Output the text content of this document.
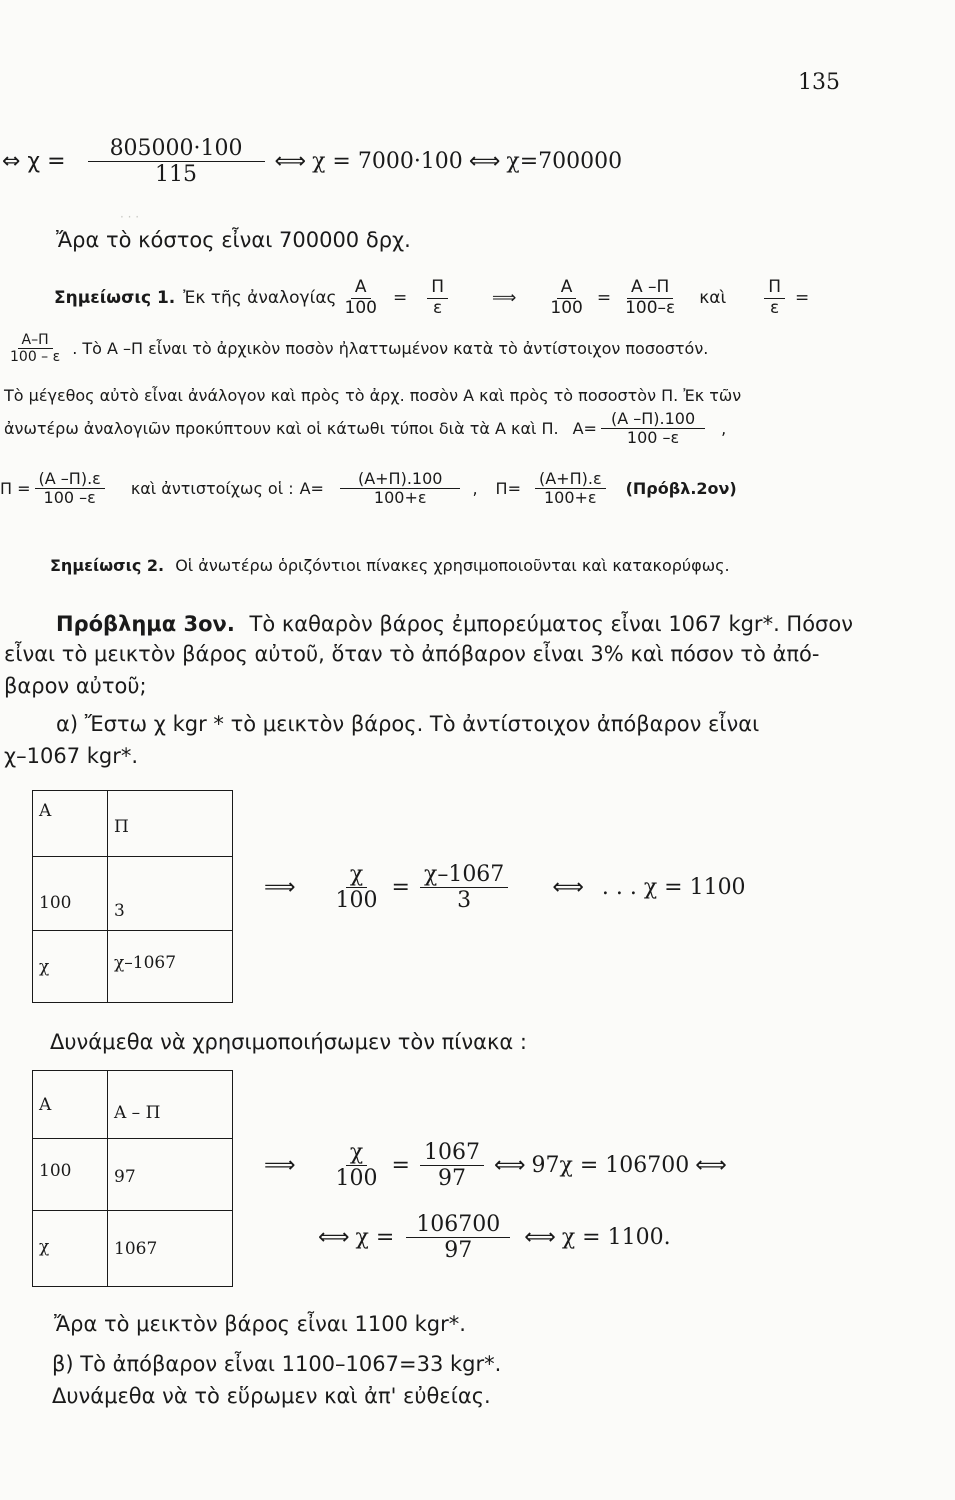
· · ·
135
⇔ $\chi = \frac{805000\cdot 100}{115}$ ⟺ χ = 7000·100 ⟺ χ=700000
Ἄρα τὸ κόστος εἶναι 700000 δρχ.
Σημείωσις 1. Ἐκ τῆς ἀναλογίας $\frac{A}{100} = \frac{\Pi}{\varepsilon}$	⟹ $\frac{A}{100} = \frac{A -\Pi}{100-\varepsilon}$ καὶ $\frac{\Pi}{\varepsilon}$ =
$\frac{A-\Pi}{100 - \varepsilon}$ . Τὸ A –Π εἶναι τὸ ἀρχικὸν ποσὸν ἠλαττωμένον κατὰ τὸ ἀντίστοιχον ποσοστόν.
Τὸ μέγεθος αὐτὸ εἶναι ἀνάλογον καὶ πρὸς τὸ ἀρχ. ποσὸν A καὶ πρὸς τὸ ποσοστὸν Π. Ἐκ τῶν
ἀνωτέρω ἀναλογιῶν προκύπτουν καὶ οἱ κάτωθι τύποι διὰ τὰ A καὶ Π. $A= \frac{(A -\Pi).100}{100 -\varepsilon}$ ,
$\Pi = \frac{(A -\Pi).\varepsilon}{100 -\varepsilon}$ καὶ ἀντιστοίχως οἱ : $A= \frac{(A+\Pi).100}{100+\varepsilon}$ , $\Pi= \frac{(A+\Pi).\varepsilon}{100+\varepsilon} (\Pi\rho ό\beta\lambda.2o\nu)$
Σημείωσις 2. Οἱ ἀνωτέρω ὁριζόντιοι πίνακες χρησιμοποιοῦνται καὶ κατακορύφως.
Πρόβλημα 3ον. Τὸ καθαρὸν βάρος ἐμπορεύματος εἶναι 1067 kgr*. Πόσον
εἶναι τὸ μεικτὸν βάρος αὐτοῦ, ὅταν τὸ ἀπόβαρον εἶναι 3% καὶ πόσον τὸ ἀπό-
βαρον αὐτοῦ;
α) Ἔστω χ kgr * τὸ μεικτὸν βάρος. Τὸ ἀντίστοιχον ἀπόβαρον εἶναι
χ–1067 kgr*.
A	Π
100	3
χ	χ–1067
⟹ $\frac{\chi}{100} = \frac{\chi-1067}{3}$ ⟺ . . . χ = 1100
Δυνάμεθα νὰ χρησιμοποιήσωμεν τὸν πίνακα :
A	A – Π
100	97
χ	1067
⟹ $\frac{\chi}{100} = \frac{1067}{97}$ ⟺ 97χ = 106700 ⟺
⟺ $\chi = \frac{106700}{97}$ ⟺ χ = 1100.
Ἄρα τὸ μεικτὸν βάρος εἶναι 1100 kgr*.
β) Τὸ ἀπόβαρον εἶναι 1100–1067=33 kgr*.
Δυνάμεθα νὰ τὸ εὕρωμεν καὶ ἀπ' εὐθείας.
